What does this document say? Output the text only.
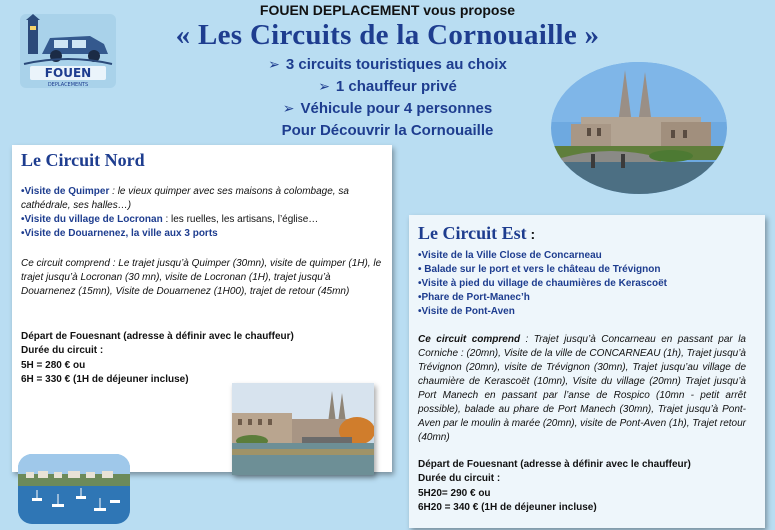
FOUEN DEPLACEMENT vous propose
« Les Circuits de la Cornouaille »
➢ 3 circuits touristiques au choix
➢ 1 chauffeur privé
➢ Véhicule pour 4 personnes
Pour Découvrir la Cornouaille
FOUEN
DEPLACEMENTS
Le Circuit Nord
•Visite de Quimper : le vieux quimper avec ses maisons à colombage, sa cathédrale, ses halles…)
•Visite du village de Locronan : les ruelles, les artisans, l’église…
•Visite de Douarnenez, la ville aux 3 ports
Ce circuit comprend : Le trajet jusqu’à Quimper (30mn), visite de quimper (1H), le trajet jusqu’à Locronan (30 mn), visite de Locronan (1H), trajet jusqu’à Douarnenez (15mn), Visite de Douarnenez (1H00), trajet de retour (45mn)
Départ de Fouesnant (adresse à définir avec le chauffeur)
Durée du circuit :
5H = 280 € ou
6H = 330 € (1H de déjeuner incluse)
Le Circuit Est :
•Visite de la Ville Close de Concarneau
• Balade sur le port et vers le château de Trévignon
•Visite à pied du village de chaumières de Kerascoët
•Phare de Port-Manec’h
•Visite de Pont-Aven
Ce circuit comprend : Trajet jusqu’à Concarneau en passant par la Corniche : (20mn), Visite de la ville de CONCARNEAU (1h), Trajet jusqu’à Trévignon (20mn), visite de Trévignon (30mn), Trajet jusqu’au village de chaumière de Kerascoët (10mn), Visite du village (20mn) Trajet jusqu’à Port Manech en passant par l’anse de Rospico (10mn - petit arrêt possible), balade au phare de Port Manech (30mn), Trajet jusqu’à Pont-Aven par le moulin à marée (20mn), visite de Pont-Aven (1h), Trajet retour (40mn)
Départ de Fouesnant (adresse à définir avec le chauffeur)
Durée du circuit :
5H20= 290 € ou
6H20 = 340 € (1H de déjeuner incluse)
